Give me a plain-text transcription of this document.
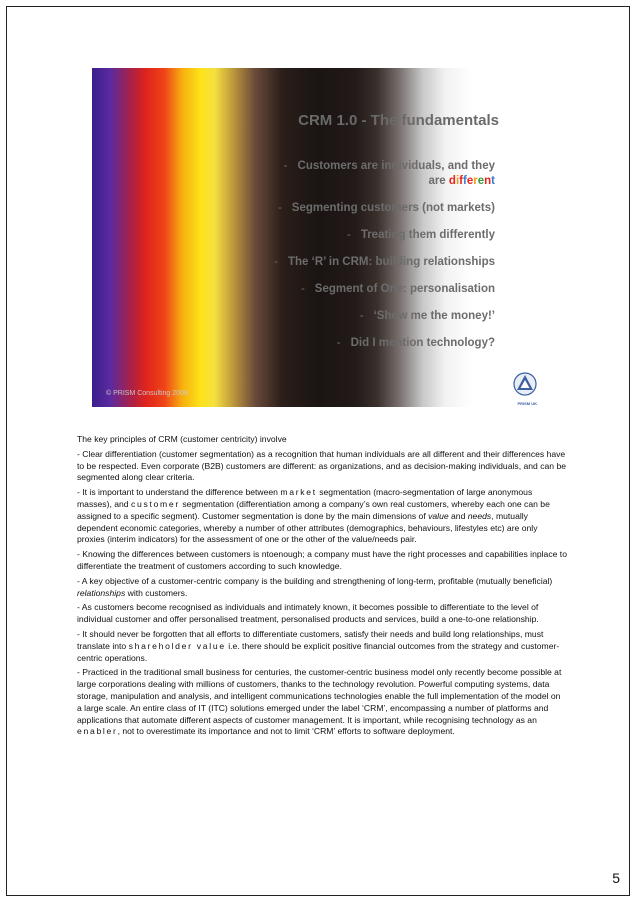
CRM 1.0 - The fundamentals
- Customers are individuals, and they
are different
- Segmenting customers (not markets)
- Treating them differently
- The ‘R’ in CRM: building relationships
- Segment of One: personalisation
- ‘Show me the money!’
- Did I mention technology?
© PRISM Consulting 2008
PRISM UK

The key principles of CRM (customer centricity) involve

- Clear differentiation (customer segmentation) as a recognition that human individuals are all different and their differences have to be respected. Even corporate (B2B) customers are different: as organizations, and as decision-making individuals, and can be segmented along clear criteria.

- It is important to understand the difference between market segmentation (macro-segmentation of large anonymous masses), and customer segmentation (differentiation among a company’s own real customers, whereby each one can be assigned to a specific segment). Customer segmentation is done by the main dimensions of value and needs, mutually dependent economic categories, whereby a number of other attributes (demographics, behaviours, lifestyles etc) are only proxies (interim indicators) for the assessment of one or the other of the value/needs pair.

- Knowing the differences between customers is ntoenough; a company must have the right processes and capabilities inplace to differentiate the treatment of customers according to such knowledge.

- A key objective of a customer-centric company is the building and strengthening of long-term, profitable (mutually beneficial) relationships with customers.

- As customers become recognised as individuals and intimately known, it becomes possible to differentiate to the level of individual customer and offer personalised treatment, personalised products and services, build a one-to-one relationship.

- It should never be forgotten that all efforts to differentiate customers, satisfy their needs and build long relationships, must translate into shareholder value i.e. there should be explicit positive financial outcomes from the strategy and customer-centric operations.

- Practiced in the traditional small business for centuries, the customer-centric business model only recently become possible at large corporations dealing with millions of customers, thanks to the technology revolution. Powerful computing systems, data storage, manipulation and analysis, and intelligent communications technologies enable the full implementation of the model on a large scale. An entire class of IT (ITC) solutions emerged under the label ‘CRM’, encompassing a number of platforms and applications that automate different aspects of customer management. It is important, while recognising technology as an enabler, not to overestimate its importance and not to limit ‘CRM’ efforts to software deployment.

5
